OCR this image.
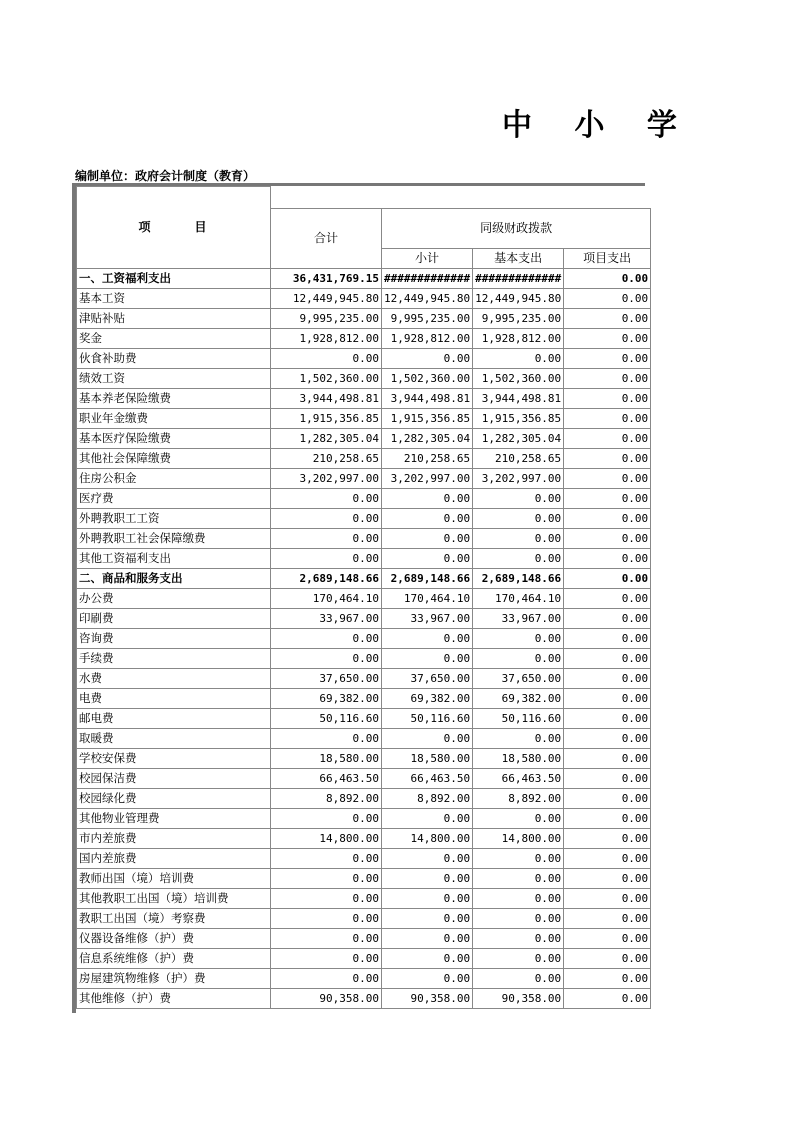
中 小 学
编制单位：政府会计制度（教育）
项　　　目				
	合计	同级财政拨款		
		小计	基本支出	项目支出

一、工资福利支出	36,431,769.15	#############	#############	0.00
基本工资	12,449,945.80	12,449,945.80	12,449,945.80	0.00
津贴补贴	9,995,235.00	9,995,235.00	9,995,235.00	0.00
奖金	1,928,812.00	1,928,812.00	1,928,812.00	0.00
伙食补助费	0.00	0.00	0.00	0.00
绩效工资	1,502,360.00	1,502,360.00	1,502,360.00	0.00
基本养老保险缴费	3,944,498.81	3,944,498.81	3,944,498.81	0.00
职业年金缴费	1,915,356.85	1,915,356.85	1,915,356.85	0.00
基本医疗保险缴费	1,282,305.04	1,282,305.04	1,282,305.04	0.00
其他社会保障缴费	210,258.65	210,258.65	210,258.65	0.00
住房公积金	3,202,997.00	3,202,997.00	3,202,997.00	0.00
医疗费	0.00	0.00	0.00	0.00
外聘教职工工资	0.00	0.00	0.00	0.00
外聘教职工社会保障缴费	0.00	0.00	0.00	0.00
其他工资福利支出	0.00	0.00	0.00	0.00
二、商品和服务支出	2,689,148.66	2,689,148.66	2,689,148.66	0.00
办公费	170,464.10	170,464.10	170,464.10	0.00
印刷费	33,967.00	33,967.00	33,967.00	0.00
咨询费	0.00	0.00	0.00	0.00
手续费	0.00	0.00	0.00	0.00
水费	37,650.00	37,650.00	37,650.00	0.00
电费	69,382.00	69,382.00	69,382.00	0.00
邮电费	50,116.60	50,116.60	50,116.60	0.00
取暖费	0.00	0.00	0.00	0.00
学校安保费	18,580.00	18,580.00	18,580.00	0.00
校园保洁费	66,463.50	66,463.50	66,463.50	0.00
校园绿化费	8,892.00	8,892.00	8,892.00	0.00
其他物业管理费	0.00	0.00	0.00	0.00
市内差旅费	14,800.00	14,800.00	14,800.00	0.00
国内差旅费	0.00	0.00	0.00	0.00
教师出国（境）培训费	0.00	0.00	0.00	0.00
其他教职工出国（境）培训费	0.00	0.00	0.00	0.00
教职工出国（境）考察费	0.00	0.00	0.00	0.00
仪器设备维修（护）费	0.00	0.00	0.00	0.00
信息系统维修（护）费	0.00	0.00	0.00	0.00
房屋建筑物维修（护）费	0.00	0.00	0.00	0.00
其他维修（护）费	90,358.00	90,358.00	90,358.00	0.00
